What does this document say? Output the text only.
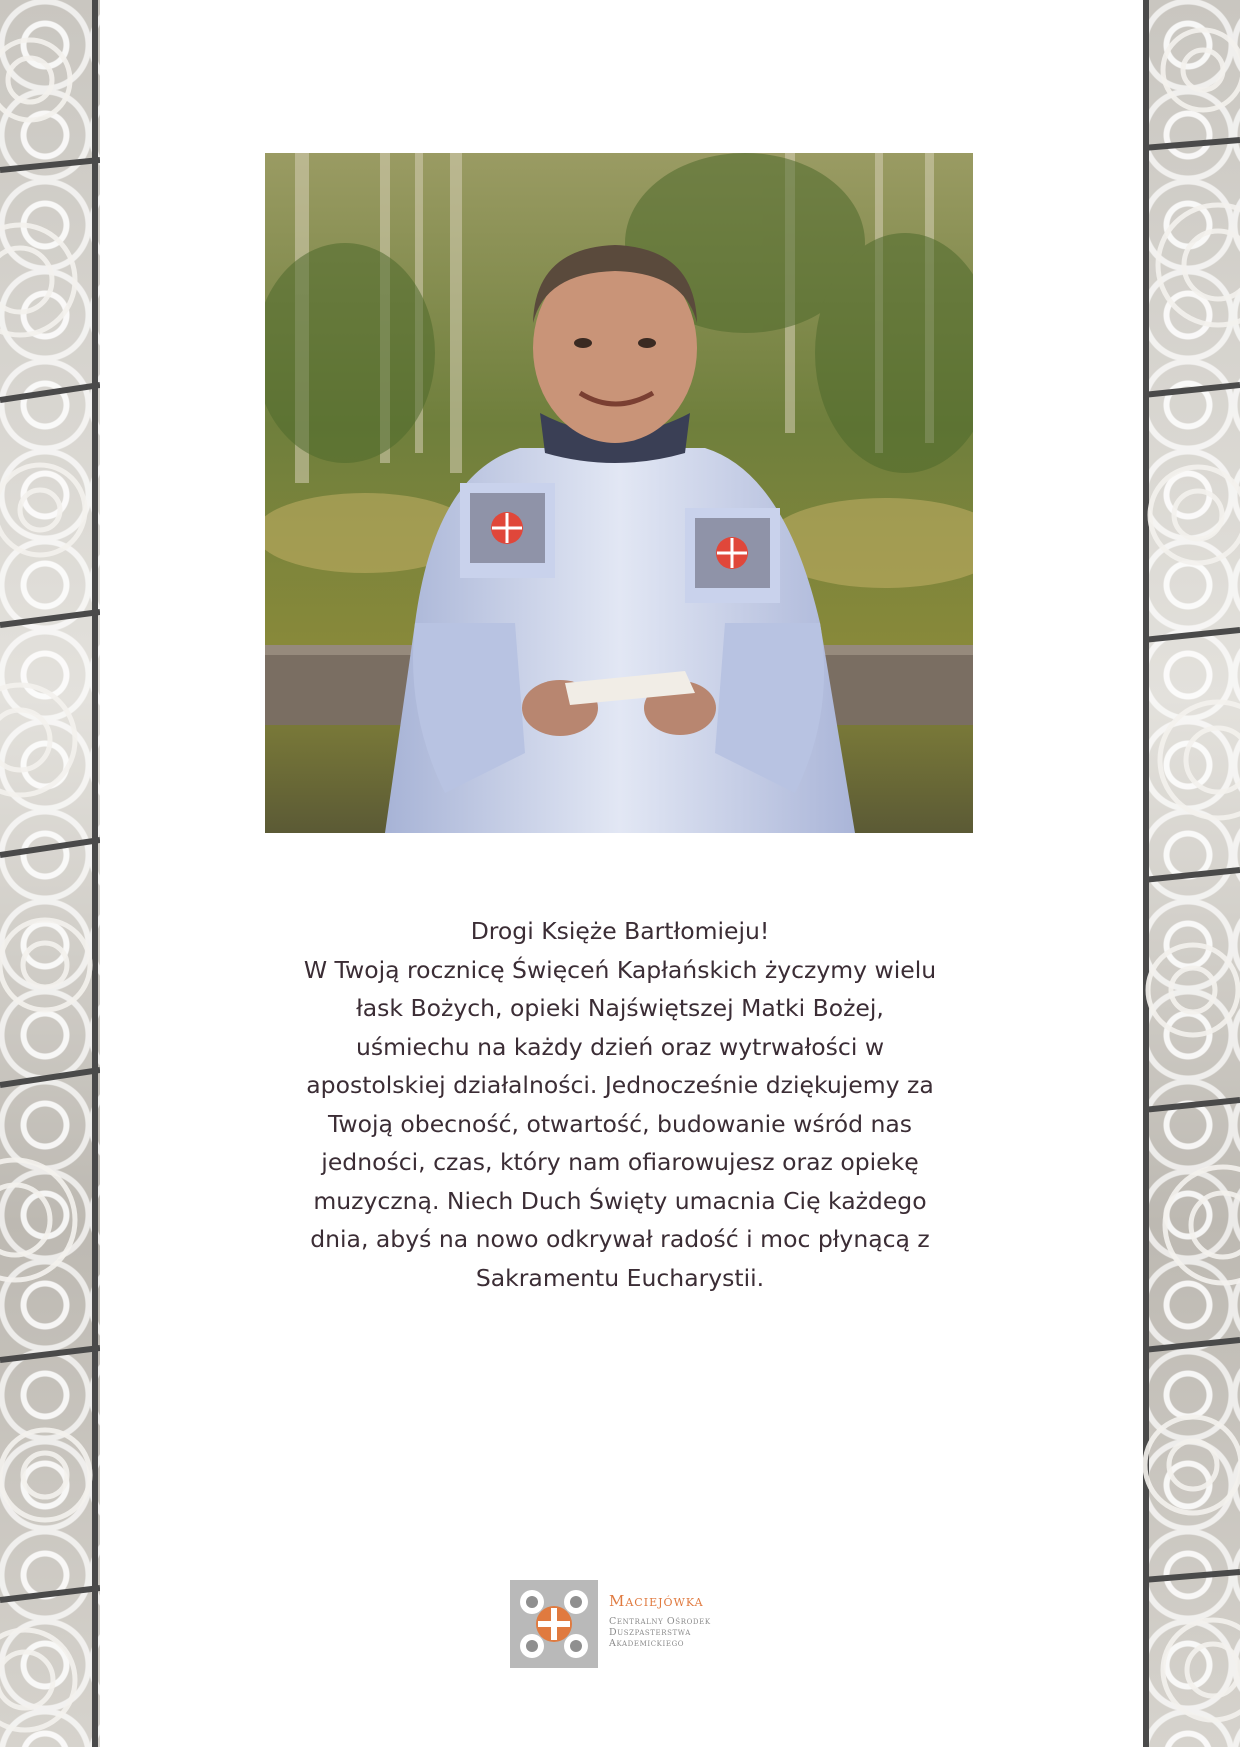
Drogi Księże Bartłomieju!

W Twoją rocznicę Święceń Kapłańskich życzymy wielu
łask Bożych, opieki Najświętszej Matki Bożej,
uśmiechu na każdy dzień oraz wytrwałości w
apostolskiej działalności. Jednocześnie dziękujemy za
Twoją obecność, otwartość, budowanie wśród nas
jedności, czas, który nam ofiarowujesz oraz opiekę
muzyczną. Niech Duch Święty umacnia Cię każdego
dnia, abyś na nowo odkrywał radość i moc płynącą z
Sakramentu Eucharystii.

Maciejówka
Centralny Ośrodek
Duszpasterstwa
Akademickiego
